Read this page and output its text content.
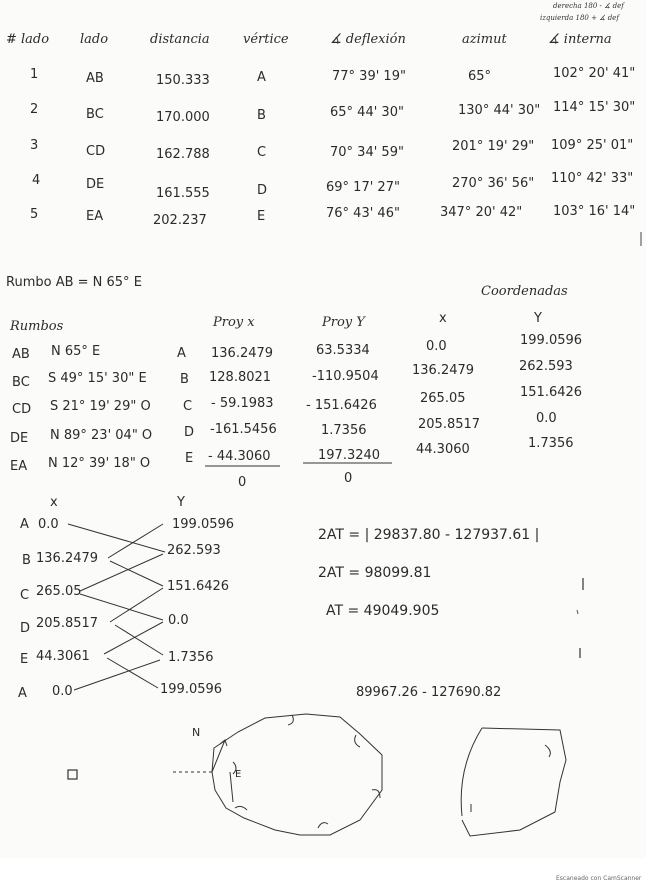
derecha 180 - ∡ def
izquierda 180 + ∡ def
# lado lado	distancia	vértice	∡ deflexión	azimut	∡ interna
1	AB	150.333	A	77° 39' 19"	65°	102° 20' 41"
2	BC	170.000	B	65° 44' 30"	130° 44' 30" 114° 15' 30"
3	CD	162.788	C	70° 34' 59"	201° 19' 29" 109° 25' 01"
4	DE
161.555	D	69° 17' 27"	270° 36' 56" 110° 42' 33"
5	EA	202.237	E	76° 43' 46"	347° 20' 42" 103° 16' 14"
Rumbo AB = N 65° E
Coordenadas
Rumbos	Proy x	Proy Y	x	Y
AB N 65° E	A 136.2479	63.5334	0.0	199.0596
BC S 49° 15' 30" E	B 128.8021	-110.9504	136.2479	262.593
CD S 21° 19' 29" O C - 59.1983 - 151.6426	265.05	151.6426
DE N 89° 23' 04" O D -161.5456	1.7356	205.8517	0.0
EA N 12° 39' 18" O	E - 44.3060	197.3240	44.3060	1.7356
0	0
x	Y
A 0.0	199.0596
B 136.2479
262.593
C 265.05	151.6426
D 205.8517	0.0
E 44.3061	1.7356
A 0.0	199.0596
2AT = | 29837.80 - 127937.61 |
2AT = 98099.81
AT = 49049.905
89967.26 - 127690.82
N
E
Escaneado con CamScanner
